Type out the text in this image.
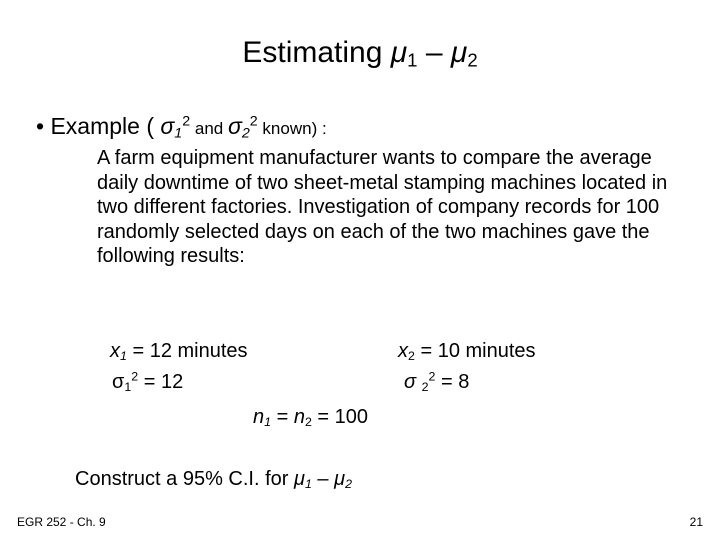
Estimating $\mu_1 - \mu_2$
• Example ( $\sigma_1^2$ and $\sigma_2^2$ known) :
A farm equipment manufacturer wants to compare the average daily downtime of two sheet-metal stamping machines located in two different factories. Investigation of company records for 100 randomly selected days on each of the two machines gave the following results:
$x_1 = 12$ minutes	$x_2 = 10$ minutes
$\sigma_1^2 = 12$	σ $_2^2$ = 8
$n_1 = n_2 = 100$
Construct a 95% C.I. for $\mu_1 - \mu_2$
EGR 252 - Ch. 9	21
